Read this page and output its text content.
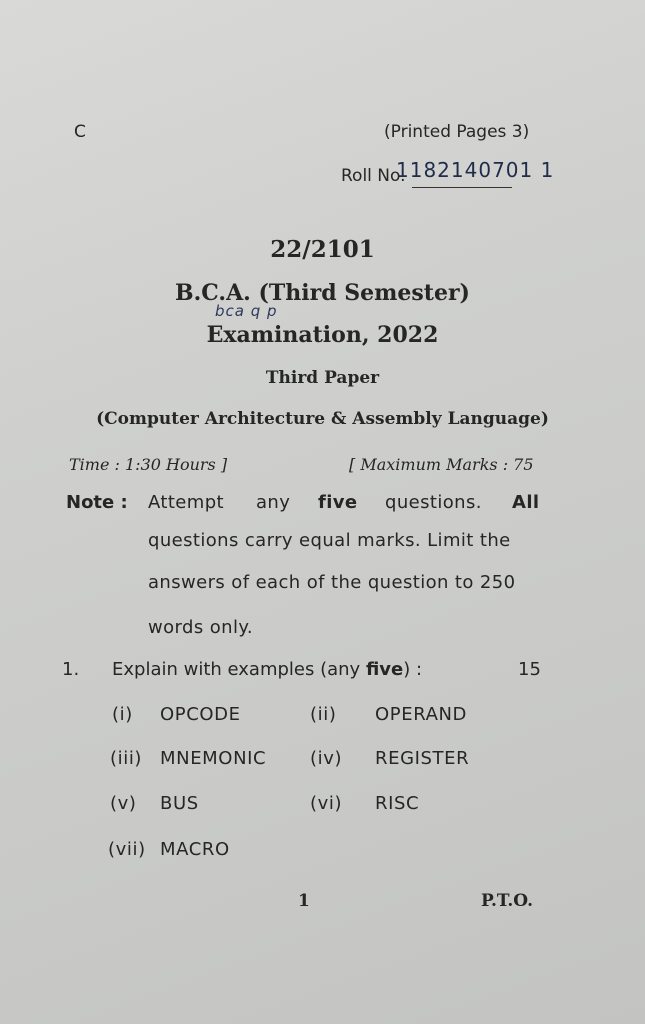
C	(Printed Pages 3)
Roll No.
1182140701 1
22/2101
B.C.A. (Third Semester)
bca q p
Examination, 2022
Third Paper
(Computer Architecture & Assembly Language)
Time : 1:30 Hours ]	[ Maximum Marks : 75
Note : Attempt any five questions. All
questions carry equal marks. Limit the
answers of each of the question to 250
words only.
1. Explain with examples (any five) :	15
(i) OPCODE	(ii) OPERAND
(iii) MNEMONIC (iv) REGISTER
(v) BUS	(vi) RISC
(vii) MACRO
1	P.T.O.
